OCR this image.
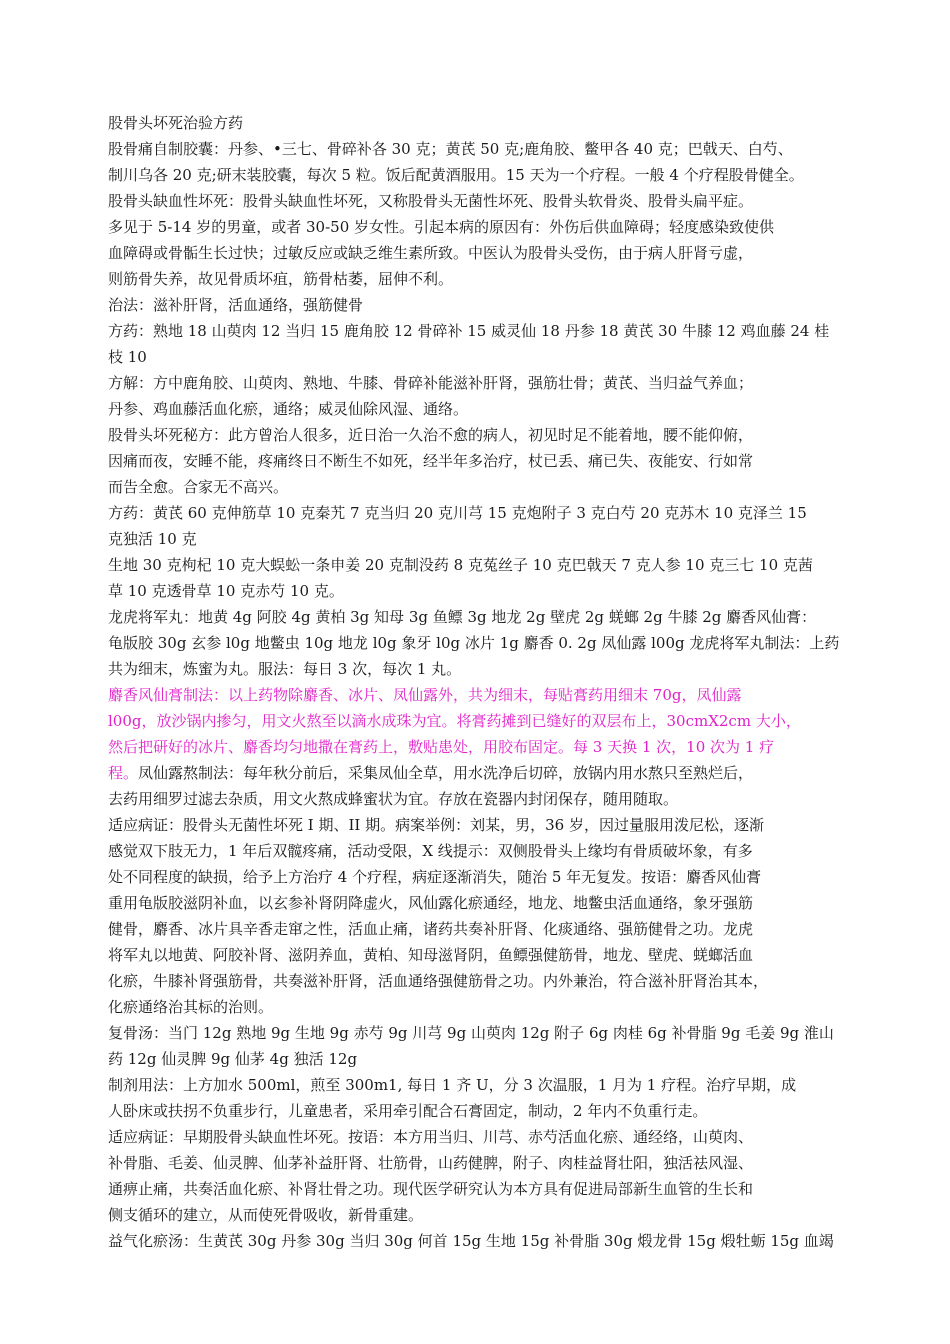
股骨头坏死治验方药
股骨痛自制胶囊：丹参、•三七、骨碎补各 30 克；黄芪 50 克;鹿角胶、鳖甲各 40 克；巴戟天、白芍、
制川乌各 20 克;研末装胶囊，每次 5 粒。饭后配黄酒服用。15 天为一个疗程。一般 4 个疗程股骨健全。
股骨头缺血性坏死：股骨头缺血性坏死，又称股骨头无菌性坏死、股骨头软骨炎、股骨头扁平症。
多见于 5-14 岁的男童，或者 30-50 岁女性。引起本病的原因有：外伤后供血障碍；轻度感染致使供
血障碍或骨骺生长过快；过敏反应或缺乏维生素所致。中医认为股骨头受伤，由于病人肝肾亏虚，
则筋骨失养，故见骨质坏疽，筋骨枯萎，屈伸不利。
治法：滋补肝肾，活血通络，强筋健骨
方药：熟地 18 山萸肉 12 当归 15 鹿角胶 12 骨碎补 15 威灵仙 18 丹参 18 黄芪 30 牛膝 12 鸡血藤 24 桂
枝 10
方解：方中鹿角胶、山萸肉、熟地、牛膝、骨碎补能滋补肝肾，强筋壮骨；黄芪、当归益气养血；
丹参、鸡血藤活血化瘀，通络；威灵仙除风湿、通络。
股骨头坏死秘方：此方曾治人很多，近日治一久治不愈的病人，初见时足不能着地，腰不能仰俯，
因痛而夜，安睡不能，疼痛终日不断生不如死，经半年多治疗，杖已丢、痛已失、夜能安、行如常
而告全愈。合家无不高兴。
方药：黄芪 60 克伸筋草 10 克秦艽 7 克当归 20 克川芎 15 克炮附子 3 克白芍 20 克苏木 10 克泽兰 15
克独活 10 克
生地 30 克枸杞 10 克大蜈蚣一条申姜 20 克制没药 8 克菟丝子 10 克巴戟天 7 克人参 10 克三七 10 克茜
草 10 克透骨草 10 克赤芍 10 克。
龙虎将军丸：地黄 4g 阿胶 4g 黄柏 3g 知母 3g 鱼鳔 3g 地龙 2g 壁虎 2g 蜣螂 2g 牛膝 2g 麝香风仙膏：
龟版胶 30g 玄参 l0g 地鳖虫 10g 地龙 l0g 象牙 l0g 冰片 1g 麝香 0. 2g 凤仙露 l00g 龙虎将军丸制法：上药
共为细末，炼蜜为丸。服法：每日 3 次，每次 1 丸。
麝香风仙膏制法：以上药物除麝香、冰片、凤仙露外，共为细末，每贴膏药用细末 70g，凤仙露
l00g，放沙锅内掺匀，用文火熬至以滴水成珠为宜。将膏药摊到已缝好的双层布上，30cmX2cm 大小，
然后把研好的冰片、麝香均匀地撒在膏药上，敷贴患处，用胶布固定。每 3 天换 1 次，10 次为 1 疗
程。凤仙露熬制法：每年秋分前后，采集凤仙全草，用水洗净后切碎，放锅内用水熬只至熟烂后，
去药用细罗过滤去杂质，用文火熬成蜂蜜状为宜。存放在瓷器内封闭保存，随用随取。
适应病证：股骨头无菌性坏死 I 期、II 期。病案举例：刘某，男，36 岁，因过量服用泼尼松，逐渐
感觉双下肢无力，1 年后双髋疼痛，活动受限，X 线提示：双侧股骨头上缘均有骨质破坏象，有多
处不同程度的缺损，给予上方治疗 4 个疗程，病症逐渐消失，随治 5 年无复发。按语：麝香风仙膏
重用龟版胶滋阴补血，以玄参补肾阴降虚火，风仙露化瘀通经，地龙、地鳖虫活血通络，象牙强筋
健骨，麝香、冰片具辛香走窜之性，活血止痛，诸药共奏补肝肾、化痰通络、强筋健骨之功。龙虎
将军丸以地黄、阿胶补肾、滋阴养血，黄柏、知母滋肾阴，鱼鳔强健筋骨，地龙、壁虎、蜣螂活血
化瘀，牛膝补肾强筋骨，共奏滋补肝肾，活血通络强健筋骨之功。内外兼治，符合滋补肝肾治其本，
化瘀通络治其标的治则。
复骨汤：当门 12g 熟地 9g 生地 9g 赤芍 9g 川芎 9g 山萸肉 12g 附子 6g 肉桂 6g 补骨脂 9g 毛姜 9g 淮山
药 12g 仙灵脾 9g 仙茅 4g 独活 12g
制剂用法：上方加水 500ml，煎至 300m1, 每日 1 齐 U，分 3 次温服，1 月为 1 疗程。治疗早期，成
人卧床或扶拐不负重步行，儿童患者，采用牵引配合石膏固定，制动，2 年内不负重行走。
适应病证：早期股骨头缺血性坏死。按语：本方用当归、川芎、赤芍活血化瘀、通经络，山萸肉、
补骨脂、毛姜、仙灵脾、仙茅补益肝肾、壮筋骨，山药健脾，附子、肉桂益肾壮阳，独活祛风湿、
通痹止痛，共奏活血化瘀、补肾壮骨之功。现代医学研究认为本方具有促进局部新生血管的生长和
侧支循环的建立，从而使死骨吸收，新骨重建。
益气化瘀汤：生黄芪 30g 丹参 30g 当归 30g 何首 15g 生地 15g 补骨脂 30g 煅龙骨 15g 煅牡蛎 15g 血竭
